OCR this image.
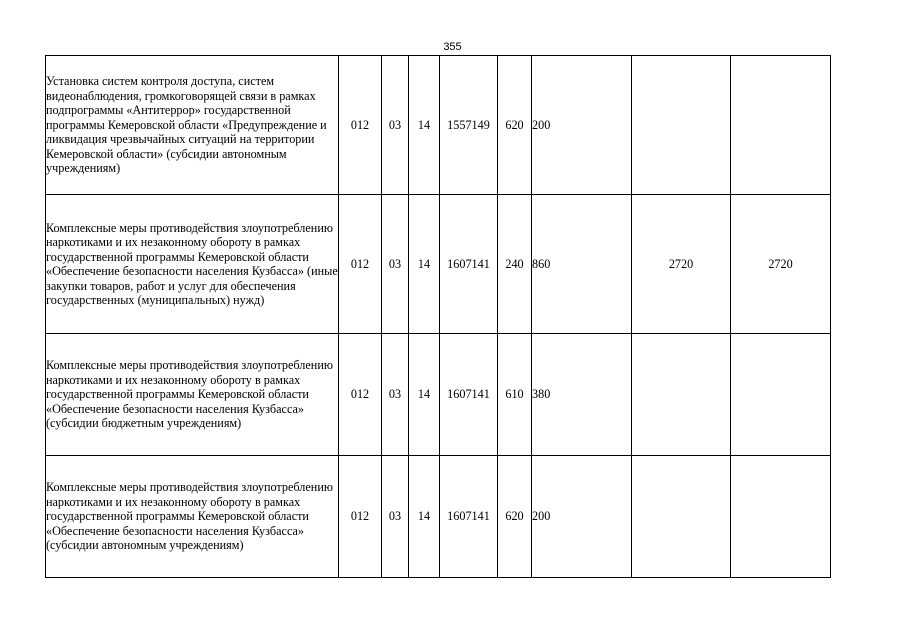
355
Установка систем контроля доступа, систем видеонаблюдения, громкоговорящей связи в рамках подпрограммы «Антитеррор» государственной программы Кемеровской области «Предупреждение и ликвидация чрезвычайных ситуаций на территории Кемеровской области» (субсидии автономным учреждениям)	012	03	14	1557149	620	200		
Комплексные меры противодействия злоупотреблению наркотиками и их незаконному обороту в рамках государственной программы Кемеровской области «Обеспечение безопасности населения Кузбасса» (иные закупки товаров, работ и услуг для обеспечения государственных (муниципальных) нужд)	012	03	14	1607141	240	860	2720	2720
Комплексные меры противодействия злоупотреблению наркотиками и их незаконному обороту в рамках государственной программы Кемеровской области «Обеспечение безопасности населения Кузбасса» (субсидии бюджетным учреждениям)	012	03	14	1607141	610	380		
Комплексные меры противодействия злоупотреблению наркотиками и их незаконному обороту в рамках государственной программы Кемеровской области «Обеспечение безопасности населения Кузбасса» (субсидии автономным учреждениям)	012	03	14	1607141	620	200		
